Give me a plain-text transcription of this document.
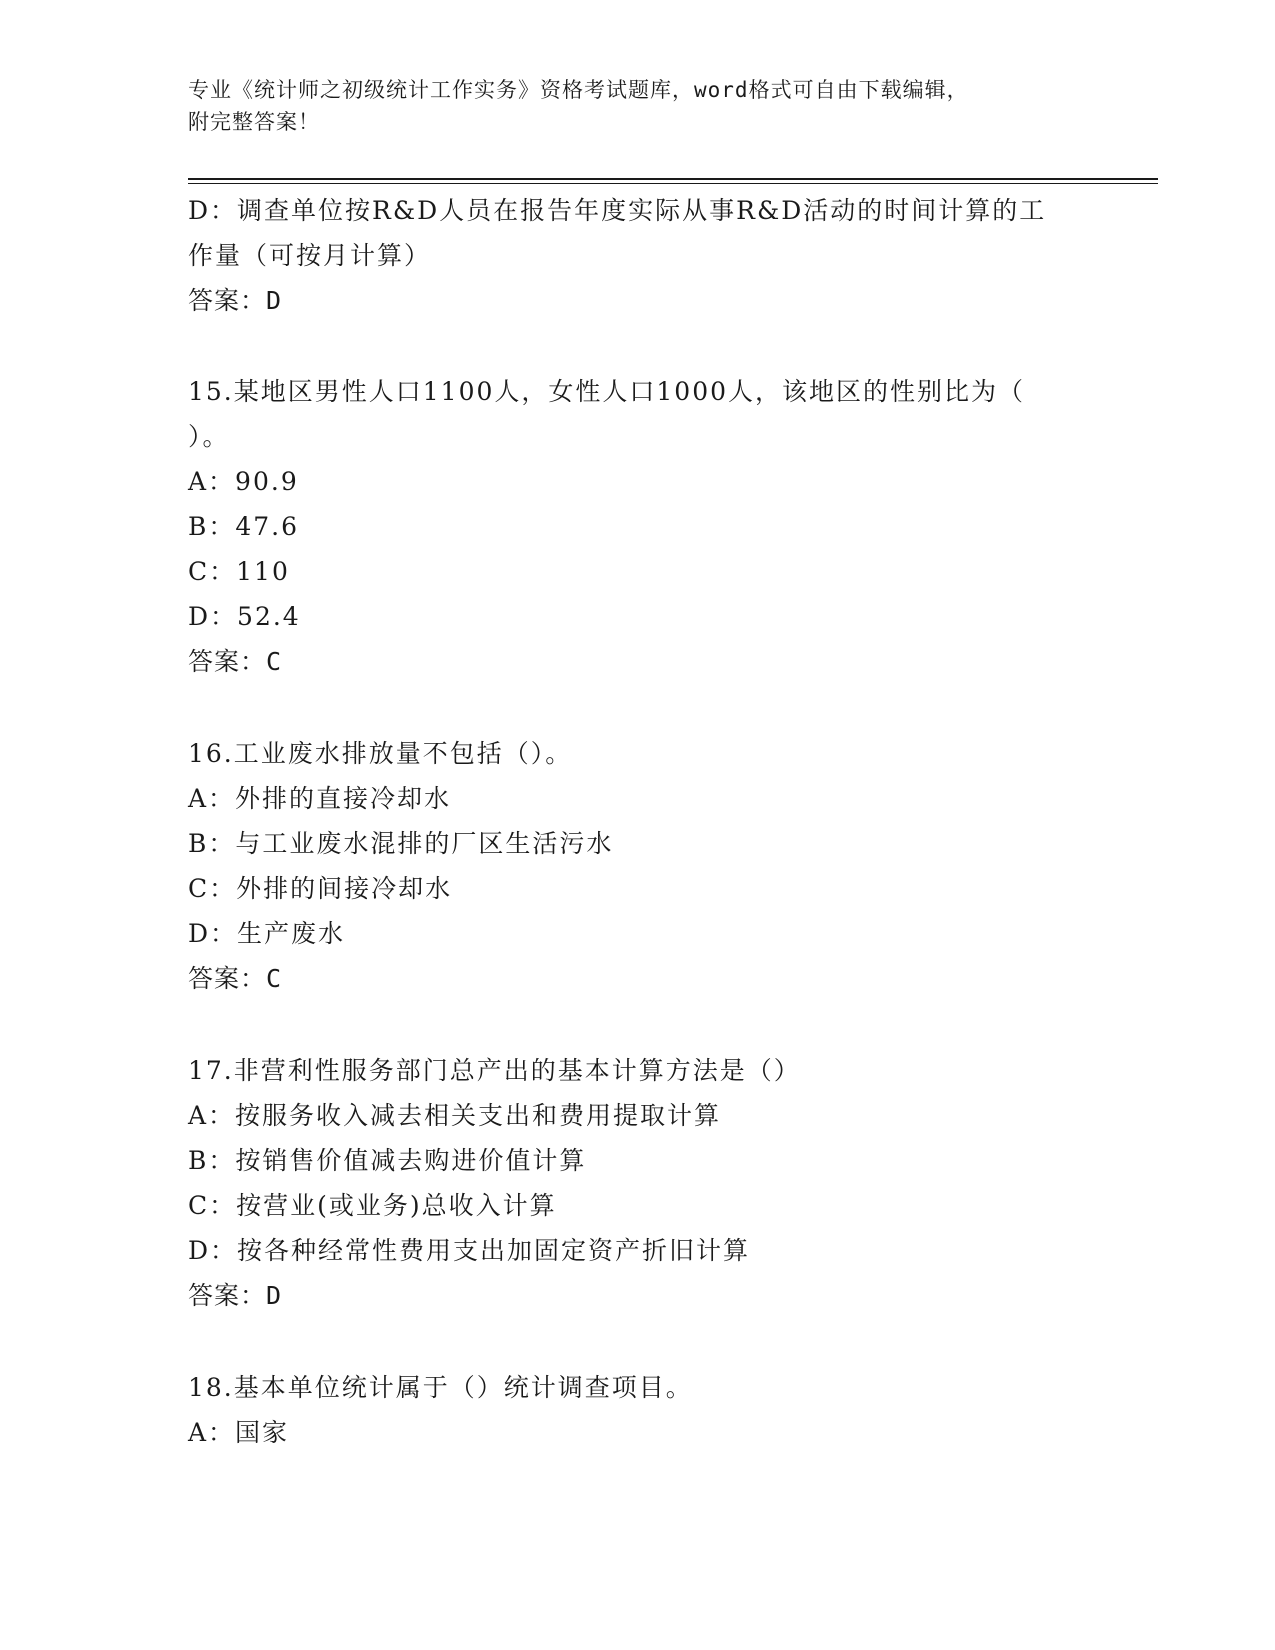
专业《统计师之初级统计工作实务》资格考试题库，word格式可自由下载编辑，
附完整答案！
D：调查单位按R&D人员在报告年度实际从事R&D活动的时间计算的工
作量（可按月计算）
答案：D
15.某地区男性人口1100人，女性人口1000人，该地区的性别比为（
）。
A：90.9
B：47.6
C：110
D：52.4
答案：C
16.工业废水排放量不包括（）。
A：外排的直接冷却水
B：与工业废水混排的厂区生活污水
C：外排的间接冷却水
D：生产废水
答案：C
17.非营利性服务部门总产出的基本计算方法是（）
A：按服务收入减去相关支出和费用提取计算
B：按销售价值减去购进价值计算
C：按营业(或业务)总收入计算
D：按各种经常性费用支出加固定资产折旧计算
答案：D
18.基本单位统计属于（）统计调查项目。
A：国家
